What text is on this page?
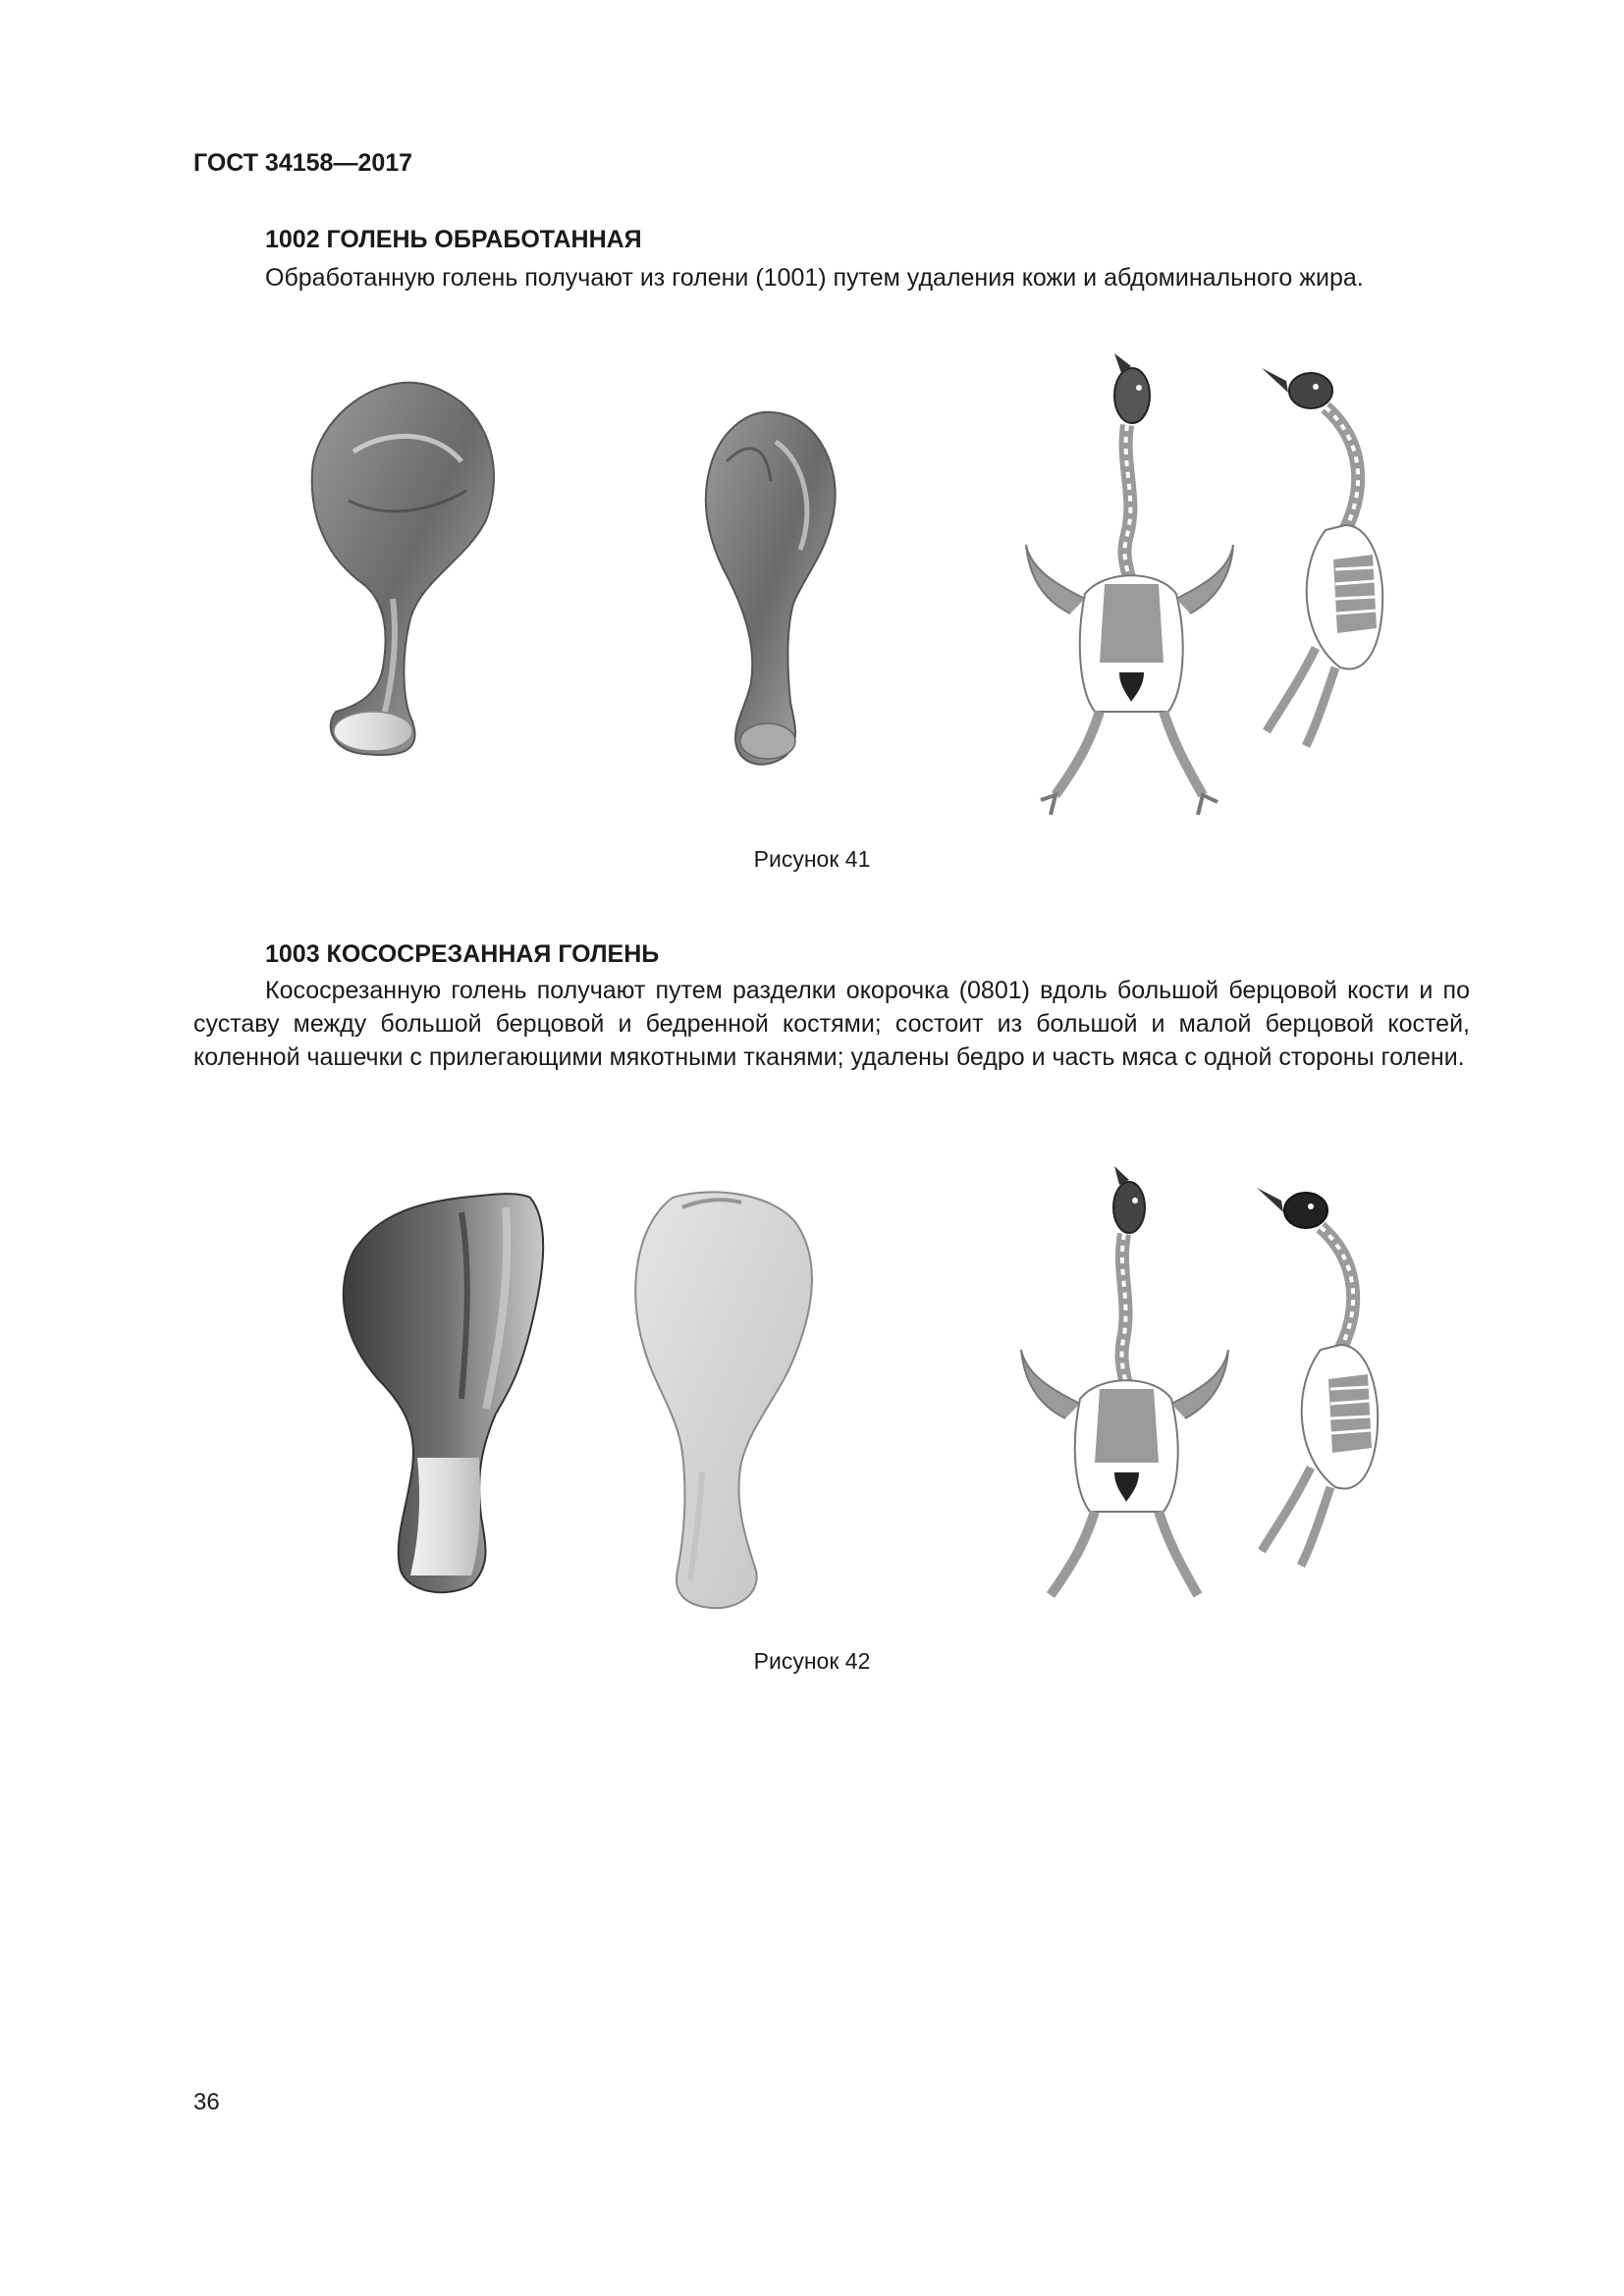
ГОСТ 34158—2017
1002 ГОЛЕНЬ ОБРАБОТАННАЯ
Обработанную голень получают из голени (1001) путем удаления кожи и абдоминального жира.
Рисунок 41
1003 КОСОСРЕЗАННАЯ ГОЛЕНЬ
Кососрезанную голень получают путем разделки окорочка (0801) вдоль большой берцовой кости и по суставу между большой берцовой и бедренной костями; состоит из большой и малой берцовой костей, коленной чашечки с прилегающими мякотными тканями; удалены бедро и часть мяса с одной стороны голени.
Рисунок 42
36
